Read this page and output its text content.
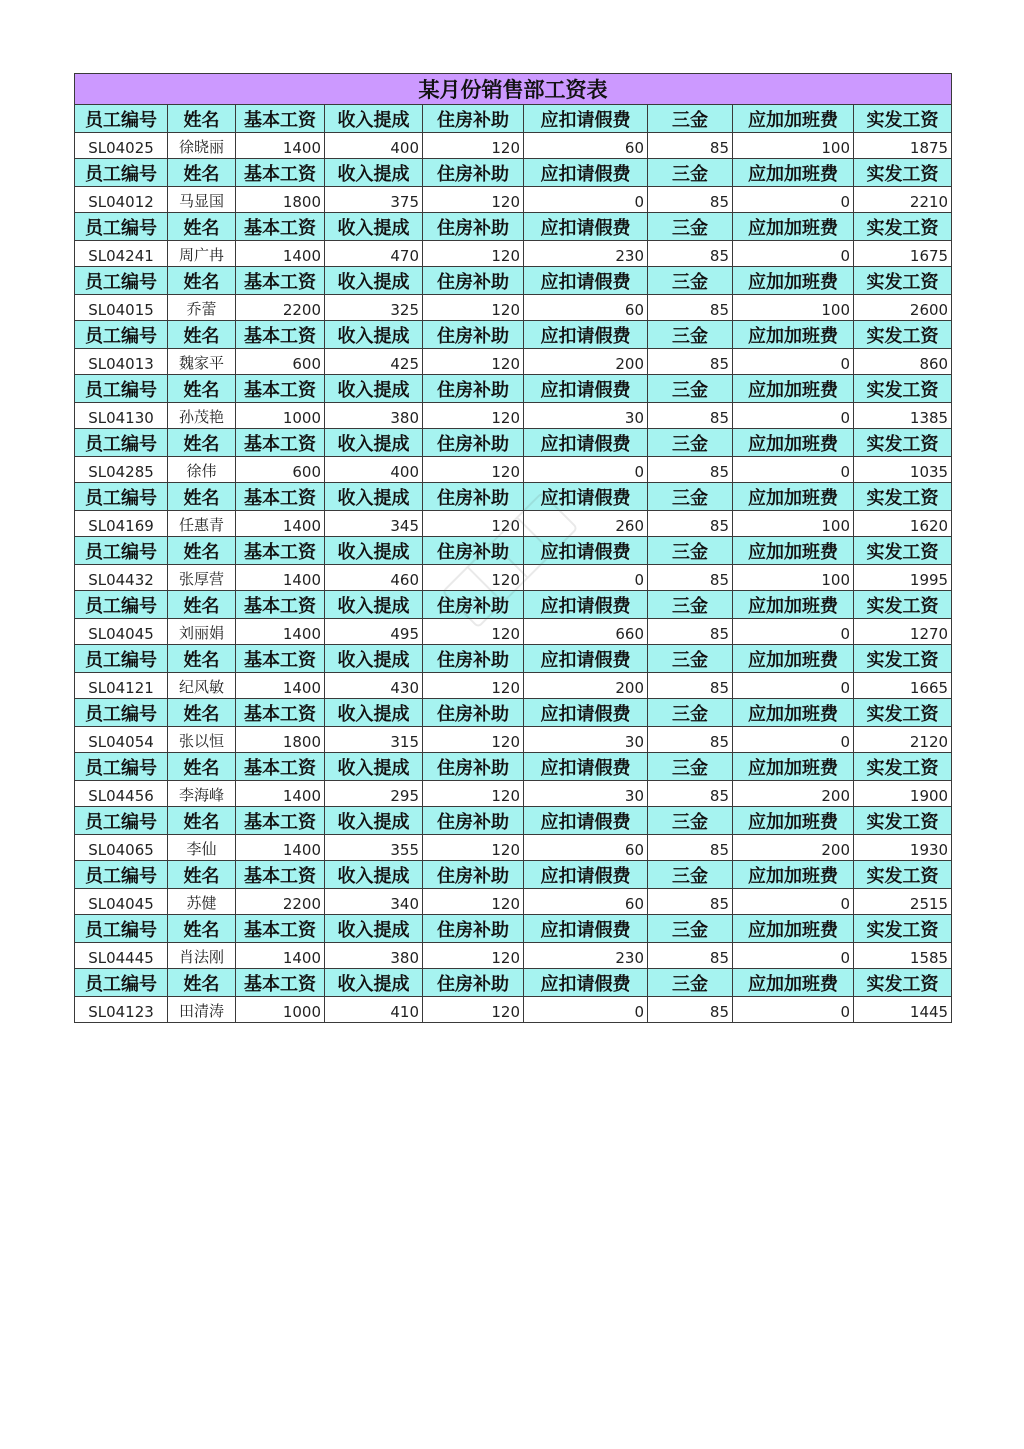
某月份销售部工资表								
员工编号	姓名	基本工资	收入提成	住房补助	应扣请假费	三金	应加加班费	实发工资
SL04025	徐晓丽	1400	400	120	60	85	100	1875
员工编号	姓名	基本工资	收入提成	住房补助	应扣请假费	三金	应加加班费	实发工资
SL04012	马显国	1800	375	120	0	85	0	2210
员工编号	姓名	基本工资	收入提成	住房补助	应扣请假费	三金	应加加班费	实发工资
SL04241	周广冉	1400	470	120	230	85	0	1675
员工编号	姓名	基本工资	收入提成	住房补助	应扣请假费	三金	应加加班费	实发工资
SL04015	乔蕾	2200	325	120	60	85	100	2600
员工编号	姓名	基本工资	收入提成	住房补助	应扣请假费	三金	应加加班费	实发工资
SL04013	魏家平	600	425	120	200	85	0	860
员工编号	姓名	基本工资	收入提成	住房补助	应扣请假费	三金	应加加班费	实发工资
SL04130	孙茂艳	1000	380	120	30	85	0	1385
员工编号	姓名	基本工资	收入提成	住房补助	应扣请假费	三金	应加加班费	实发工资
SL04285	徐伟	600	400	120	0	85	0	1035
员工编号	姓名	基本工资	收入提成	住房补助	应扣请假费	三金	应加加班费	实发工资
SL04169	任惠青	1400	345	120	260	85	100	1620
员工编号	姓名	基本工资	收入提成	住房补助	应扣请假费	三金	应加加班费	实发工资
SL04432	张厚营	1400	460	120	0	85	100	1995
员工编号	姓名	基本工资	收入提成	住房补助	应扣请假费	三金	应加加班费	实发工资
SL04045	刘丽娟	1400	495	120	660	85	0	1270
员工编号	姓名	基本工资	收入提成	住房补助	应扣请假费	三金	应加加班费	实发工资
SL04121	纪风敏	1400	430	120	200	85	0	1665
员工编号	姓名	基本工资	收入提成	住房补助	应扣请假费	三金	应加加班费	实发工资
SL04054	张以恒	1800	315	120	30	85	0	2120
员工编号	姓名	基本工资	收入提成	住房补助	应扣请假费	三金	应加加班费	实发工资
SL04456	李海峰	1400	295	120	30	85	200	1900
员工编号	姓名	基本工资	收入提成	住房补助	应扣请假费	三金	应加加班费	实发工资
SL04065	李仙	1400	355	120	60	85	200	1930
员工编号	姓名	基本工资	收入提成	住房补助	应扣请假费	三金	应加加班费	实发工资
SL04045	苏健	2200	340	120	60	85	0	2515
员工编号	姓名	基本工资	收入提成	住房补助	应扣请假费	三金	应加加班费	实发工资
SL04445	肖法刚	1400	380	120	230	85	0	1585
员工编号	姓名	基本工资	收入提成	住房补助	应扣请假费	三金	应加加班费	实发工资
SL04123	田清涛	1000	410	120	0	85	0	1445
